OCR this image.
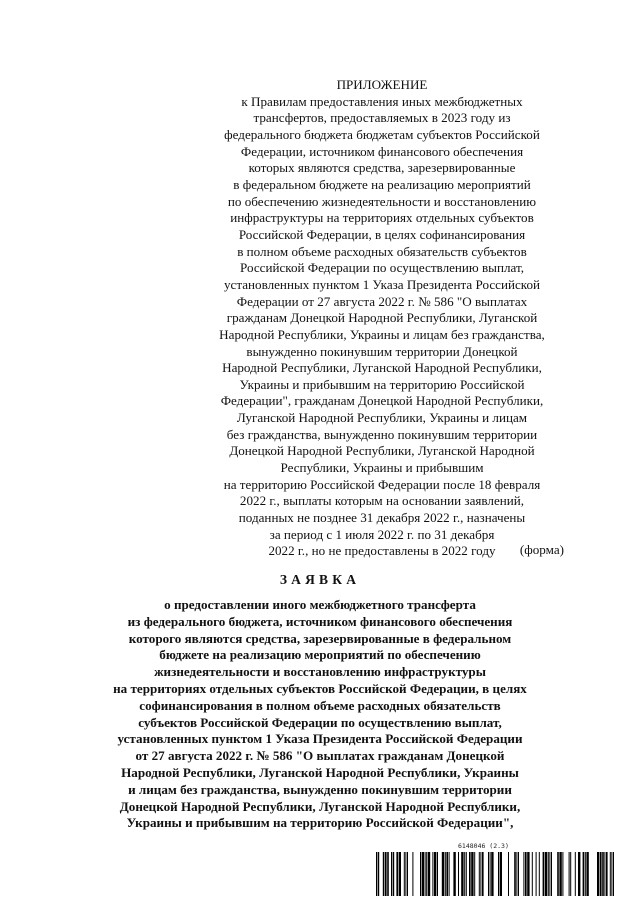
ПРИЛОЖЕНИЕ
к Правилам предоставления иных межбюджетных
трансфертов, предоставляемых в 2023 году из
федерального бюджета бюджетам субъектов Российской
Федерации, источником финансового обеспечения
которых являются средства, зарезервированные
в федеральном бюджете на реализацию мероприятий
по обеспечению жизнедеятельности и восстановлению
инфраструктуры на территориях отдельных субъектов
Российской Федерации, в целях софинансирования
в полном объеме расходных обязательств субъектов
Российской Федерации по осуществлению выплат,
установленных пунктом 1 Указа Президента Российской
Федерации от 27 августа 2022 г. № 586 "О выплатах
гражданам Донецкой Народной Республики, Луганской
Народной Республики, Украины и лицам без гражданства,
вынужденно покинувшим территории Донецкой
Народной Республики, Луганской Народной Республики,
Украины и прибывшим на территорию Российской
Федерации", гражданам Донецкой Народной Республики,
Луганской Народной Республики, Украины и лицам
без гражданства, вынужденно покинувшим территории
Донецкой Народной Республики, Луганской Народной
Республики, Украины и прибывшим
на территорию Российской Федерации после 18 февраля
2022 г., выплаты которым на основании заявлений,
поданных не позднее 31 декабря 2022 г., назначены
за период с 1 июля 2022 г. по 31 декабря
2022 г., но не предоставлены в 2022 году	(форма)
ЗАЯВКА
о предоставлении иного межбюджетного трансферта
из федерального бюджета, источником финансового обеспечения
которого являются средства, зарезервированные в федеральном
бюджете на реализацию мероприятий по обеспечению
жизнедеятельности и восстановлению инфраструктуры
на территориях отдельных субъектов Российской Федерации, в целях
софинансирования в полном объеме расходных обязательств
субъектов Российской Федерации по осуществлению выплат,
установленных пунктом 1 Указа Президента Российской Федерации
от 27 августа 2022 г. № 586 "О выплатах гражданам Донецкой
Народной Республики, Луганской Народной Республики, Украины
и лицам без гражданства, вынужденно покинувшим территории
Донецкой Народной Республики, Луганской Народной Республики,
Украины и прибывшим на территорию Российской Федерации",
6148046 (2.3)
